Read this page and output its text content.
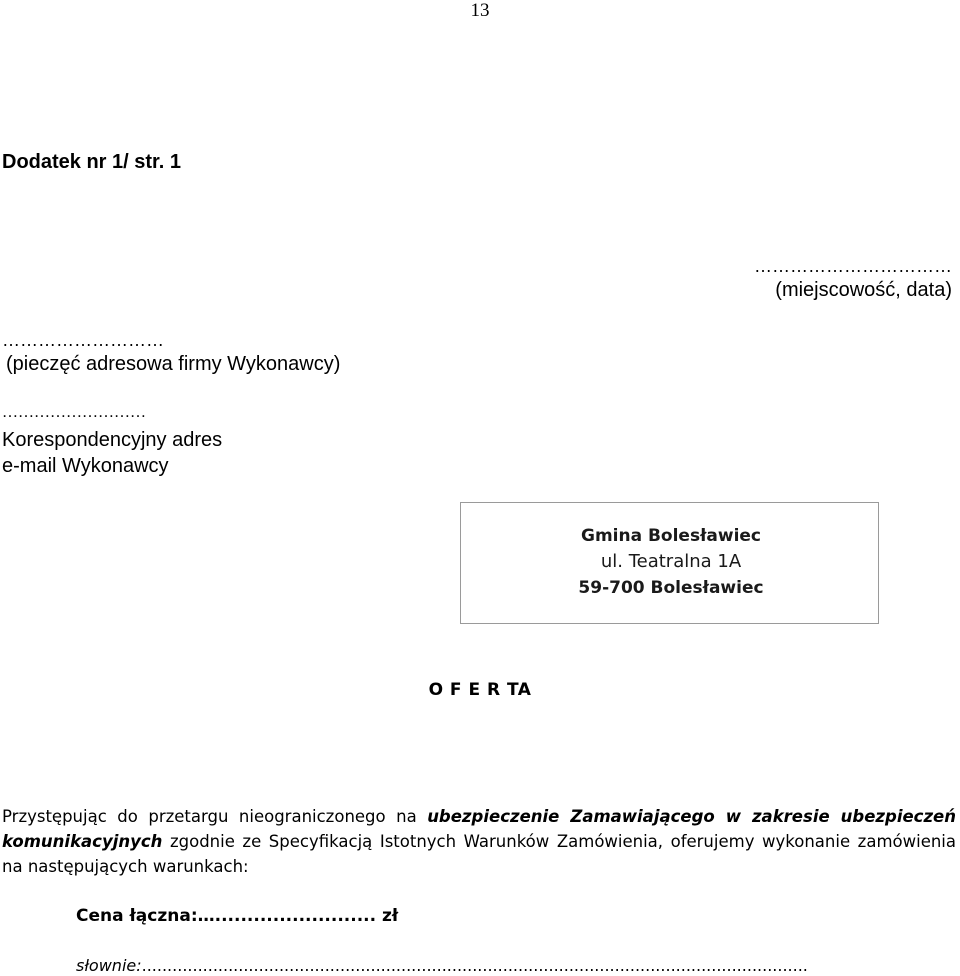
13
Dodatek nr 1/ str. 1
……………………………
(miejscowość, data)
………………………
(pieczęć adresowa firmy Wykonawcy)
………………………
Korespondencyjny adres
e-mail Wykonawcy
Gmina Bolesławiec
ul. Teatralna 1A
59-700 Bolesławiec
O F E R TA
Przystępując do przetargu nieograniczonego na ubezpieczenie Zamawiającego w zakresie ubezpieczeń komunikacyjnych zgodnie ze Specyfikacją Istotnych Warunków Zamówienia, oferujemy wykonanie zamówienia na następujących warunkach:
Cena łączna:…......................... zł
słownie:...................................................................................................................................
